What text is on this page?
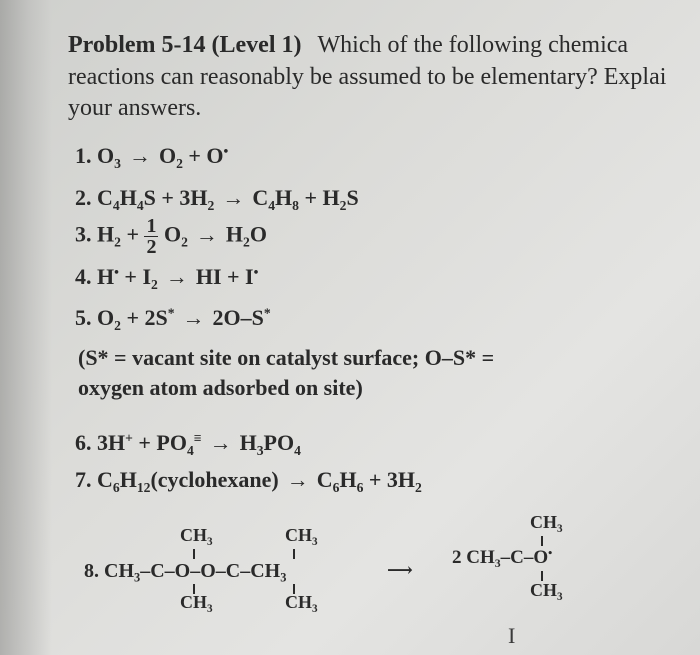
Problem 5-14 (Level 1) Which of the following chemica
reactions can reasonably be assumed to be elementary? Explai
your answers.
1. $O_3 \to O_2 + O^•$
2. $C_4H_4S + 3H_2 \to C_4H_8 + H_2S$
3. $H_2 + \frac{1}{2} O_2 \to H_2O$
4. $H^• + I_2$ → HI + I•
5. $O_2 + 2S^* \to 2O-S^*$
(S* = vacant site on catalyst surface; O–S* =
oxygen atom adsorbed on site)
6. $3H^+ + PO_4^\equiv \to H_3PO_4$
7. $C_6H_{12}(cyclohexane) \to C_6H_6 + 3H_2$
$CH_3$	$CH_3$
8. $CH_3-C-O-O-C-CH_3$
$CH_3$	$CH_3$
⟶
$CH_3$
2 $CH_3-C-O^•$
$CH_3$
I
